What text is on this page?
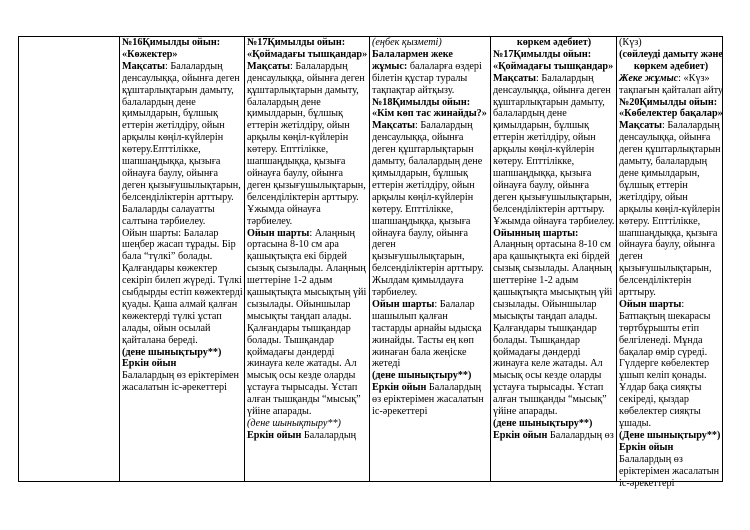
№16Қимылды ойын: «Көжектер»

Мақсаты: Балалардың денсаулыққа, ойынға деген құштарлықтарын дамыту, балалардың дене қимылдарын, бұлшық еттерін жетілдіру, ойын арқылы көңіл-күйлерін көтеру.Епттілікке, шапшаңдыққа, қызыға ойнауға баулу, ойынға деген қызығушылықтарын, белсенділіктерін арттыру. Балаларды салауатты салтына тәрбиелеу.

Ойын шарты: Балалар шеңбер жасап тұрады. Бір бала “түлкі” болады. Қалғандары көжектер секіріп билеп жүреді. Түлкі сыбдырды естіп көжектерді қуады. Қаша алмай қалған көжектерді түлкі ұстап алады, ойын осылай қайталана береді.

(дене шынықтыру**)

Еркін ойын

Балалардың өз еріктерімен жасалатын іс-әрекеттері

№17Қимылды ойын: «Қоймадағы тышқандар»

Мақсаты: Балалардың денсаулыққа, ойынға деген құштарлықтарын дамыту, балалардың дене қимылдарын, бұлшық еттерін жетілдіру, ойын арқылы көңіл-күйлерін көтеру. Епттілікке, шапшаңдыққа, қызыға ойнауға баулу, ойынға деген қызығушылықтарын, белсенділіктерін арттыру. Ұжымда ойнауға тәрбиелеу.

Ойын шарты: Алаңның ортасына 8-10 см ара қашықтықта екі бірдей сызық сызылады. Алаңның шеттеріне 1-2 адым қашықтықта мысықтың үйі сызылады. Ойыншылар мысықты таңдап алады. Қалғандары тышқандар болады. Тышқандар қоймадағы дәндерді жинауға келе жатады. Ал мысық осы кезде оларды ұстауға тырысады. Ұстап алған тышқанды “мысық” үйіне апарады.

(дене шынықтыру**)

Еркін ойын Балалардың

(еңбек қызметі)

Балалармен жеке жұмыс: балаларға өздері білетін құстар туралы тақпақтар айтқызу.

№18Қимылды ойын: «Кім көп тас жинайды?»

Мақсаты: Балалардың денсаулыққа, ойынға деген құштарлықтарын дамыту, балалардың дене қимылдарын, бұлшық еттерін жетілдіру, ойын арқылы көңіл-күйлерін көтеру. Епттілікке, шапшаңдыққа, қызыға ойнауға баулу, ойынға деген қызығушылықтарын, белсенділіктерін арттыру. Жылдам қимылдауға тәрбиелеу.

Ойын шарты: Балалар шашылып қалған тастарды арнайы ыдысқа жинайды. Тасты ең көп жинаған бала жеңіске жетеді

(дене шынықтыру**)

Еркін ойын Балалардың өз еріктерімен жасалатын іс-әрекеттері

көркем әдебиет)

№17Қимылды ойын: «Қоймадағы тышқандар»

Мақсаты: Балалардың денсаулыққа, ойынға деген құштарлықтарын дамыту, балалардың дене қимылдарын, бұлшық еттерін жетілдіру, ойын арқылы көңіл-күйлерін көтеру. Епттілікке, шапшаңдыққа, қызыға ойнауға баулу, ойынға деген қызығушылықтарын, белсенділіктерін арттыру. Ұжымда ойнауға тәрбиелеу.

Ойынның шарты:

Алаңның ортасына 8-10 см ара қашықтықта екі бірдей сызық сызылады. Алаңның шеттеріне 1-2 адым қашықтықта мысықтың үйі сызылады. Ойыншылар мысықты таңдап алады. Қалғандары тышқандар болады. Тышқандар қоймадағы дәндерді жинауға келе жатады. Ал мысық осы кезде оларды ұстауға тырысады. Ұстап алған тышқанды “мысық” үйіне апарады.

(дене шынықтыру**)

Еркін ойын Балалардың өз

(Күз)

(сөйлеуді дамыту және көркем әдебиет)

Жеке жұмыс: «Күз» тақпағын қайталап айту

№20Қимылды ойын: «Көбелектер бақалар»

Мақсаты: Балалардың денсаулыққа, ойынға деген құштарлықтарын дамыту, балалардың дене қимылдарын, бұлшық еттерін жетілдіру, ойын арқылы көңіл-күйлерін көтеру. Епттілікке, шапшаңдыққа, қызыға ойнауға баулу, ойынға деген қызығушылықтарын, белсенділіктерін арттыру.

Ойын шарты: Батпақтың шекарасы төртбұрышты етіп белгіленеді. Мұнда бақалар өмір сүреді. Гүлдерге көбелектер ұшып келіп қонады. Ұлдар бақа сияқты секіреді, қыздар көбелектер сияқты ұшады.

(Дене шынықтыру**)

Еркін ойын Балалардың өз еріктерімен жасалатын іс-әрекеттері
